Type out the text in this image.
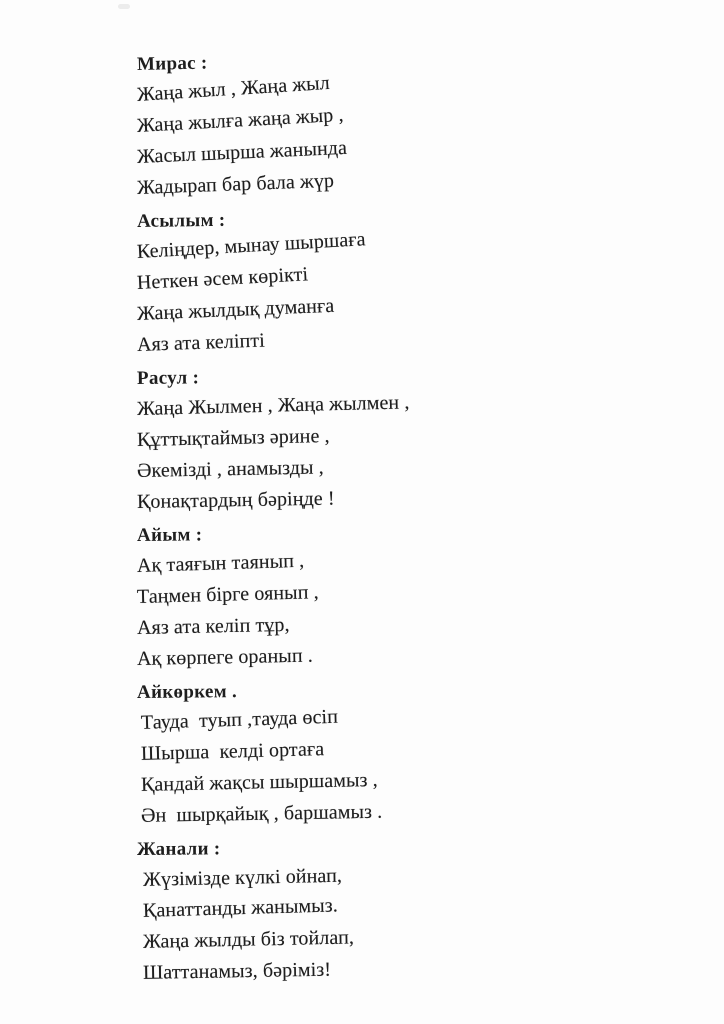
Мирас :
Жаңа жыл , Жаңа жыл
Жаңа жылға жаңа жыр ,
Жасыл шырша жанында
Жадырап бар бала жүр
Асылым :
Келіңдер, мынау шыршаға
Неткен әсем көрікті
Жаңа жылдық думанға
Аяз ата келіпті
Расул :
Жаңа Жылмен , Жаңа жылмен ,
Құттықтаймыз әрине ,
Әкемізді , анамызды ,
Қонақтардың бәріңде !
Айым :
Ақ таяғын таянып ,
Таңмен бірге оянып ,
Аяз ата келіп тұр,
Ақ көрпеге оранып .
Айкөркем .
Тауда  туып ,тауда өсіп
Шырша  келді ортаға
Қандай жақсы шыршамыз ,
Ән  шырқайық , баршамыз .
Жанали :
Жүзімізде күлкі ойнап,
Қанаттанды жанымыз.
Жаңа жылды біз тойлап,
Шаттанамыз, бәріміз!
